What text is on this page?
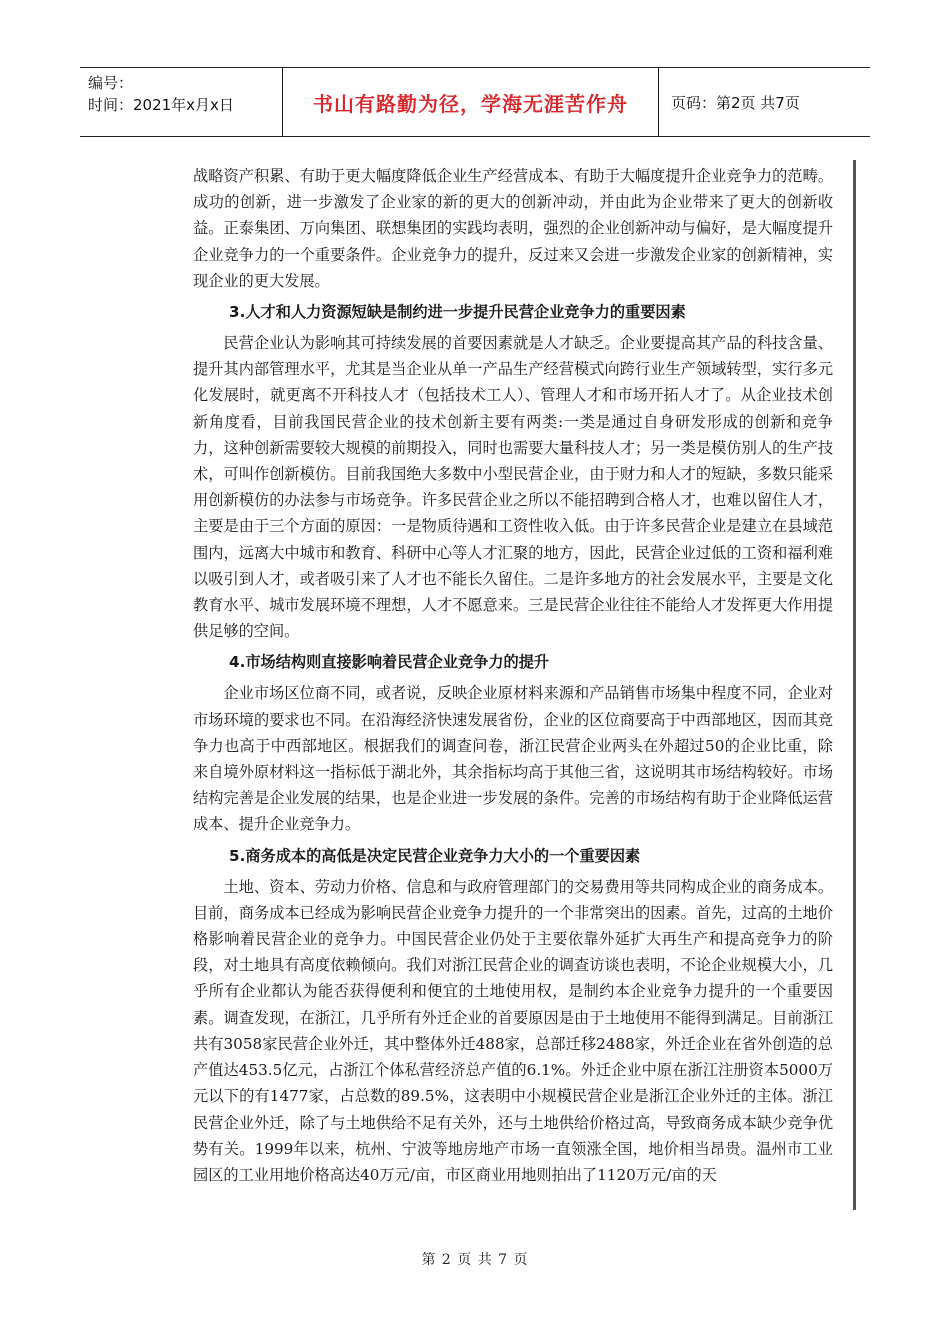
编号：
时间：2021年x月x日	书山有路勤为径，学海无涯苦作舟	页码：第2页 共7页

战略资产积累、有助于更大幅度降低企业生产经营成本、有助于大幅度提升企业竞争力的范畴。成功的创新，进一步激发了企业家的新的更大的创新冲动，并由此为企业带来了更大的创新收益。正泰集团、万向集团、联想集团的实践均表明，强烈的企业创新冲动与偏好，是大幅度提升企业竞争力的一个重要条件。企业竞争力的提升，反过来又会进一步激发企业家的创新精神，实现企业的更大发展。

3.人才和人力资源短缺是制约进一步提升民营企业竞争力的重要因素

民营企业认为影响其可持续发展的首要因素就是人才缺乏。企业要提高其产品的科技含量、提升其内部管理水平，尤其是当企业从单一产品生产经营模式向跨行业生产领域转型，实行多元化发展时，就更离不开科技人才（包括技术工人）、管理人才和市场开拓人才了。从企业技术创新角度看，目前我国民营企业的技术创新主要有两类:一类是通过自身研发形成的创新和竞争力，这种创新需要较大规模的前期投入，同时也需要大量科技人才；另一类是模仿别人的生产技术，可叫作创新模仿。目前我国绝大多数中小型民营企业，由于财力和人才的短缺，多数只能采用创新模仿的办法参与市场竞争。许多民营企业之所以不能招聘到合格人才，也难以留住人才，主要是由于三个方面的原因：一是物质待遇和工资性收入低。由于许多民营企业是建立在县域范围内，远离大中城市和教育、科研中心等人才汇聚的地方，因此，民营企业过低的工资和福利难以吸引到人才，或者吸引来了人才也不能长久留住。二是许多地方的社会发展水平，主要是文化教育水平、城市发展环境不理想，人才不愿意来。三是民营企业往往不能给人才发挥更大作用提供足够的空间。

4.市场结构则直接影响着民营企业竞争力的提升

企业市场区位商不同，或者说，反映企业原材料来源和产品销售市场集中程度不同，企业对市场环境的要求也不同。在沿海经济快速发展省份，企业的区位商要高于中西部地区，因而其竞争力也高于中西部地区。根据我们的调查问卷，浙江民营企业两头在外超过50的企业比重，除来自境外原材料这一指标低于湖北外，其余指标均高于其他三省，这说明其市场结构较好。市场结构完善是企业发展的结果，也是企业进一步发展的条件。完善的市场结构有助于企业降低运营成本、提升企业竞争力。

5.商务成本的高低是决定民营企业竞争力大小的一个重要因素

土地、资本、劳动力价格、信息和与政府管理部门的交易费用等共同构成企业的商务成本。目前，商务成本已经成为影响民营企业竞争力提升的一个非常突出的因素。首先，过高的土地价格影响着民营企业的竞争力。中国民营企业仍处于主要依靠外延扩大再生产和提高竞争力的阶段，对土地具有高度依赖倾向。我们对浙江民营企业的调查访谈也表明，不论企业规模大小，几乎所有企业都认为能否获得便利和便宜的土地使用权，是制约本企业竞争力提升的一个重要因素。调查发现，在浙江，几乎所有外迁企业的首要原因是由于土地使用不能得到满足。目前浙江共有3058家民营企业外迁，其中整体外迁488家，总部迁移2488家，外迁企业在省外创造的总产值达453.5亿元，占浙江个体私营经济总产值的6.1%。外迁企业中原在浙江注册资本5000万元以下的有1477家，占总数的89.5%，这表明中小规模民营企业是浙江企业外迁的主体。浙江民营企业外迁，除了与土地供给不足有关外，还与土地供给价格过高，导致商务成本缺少竞争优势有关。1999年以来，杭州、宁波等地房地产市场一直领涨全国，地价相当昂贵。温州市工业园区的工业用地价格高达40万元/亩，市区商业用地则拍出了1120万元/亩的天

第 2 页 共 7 页
